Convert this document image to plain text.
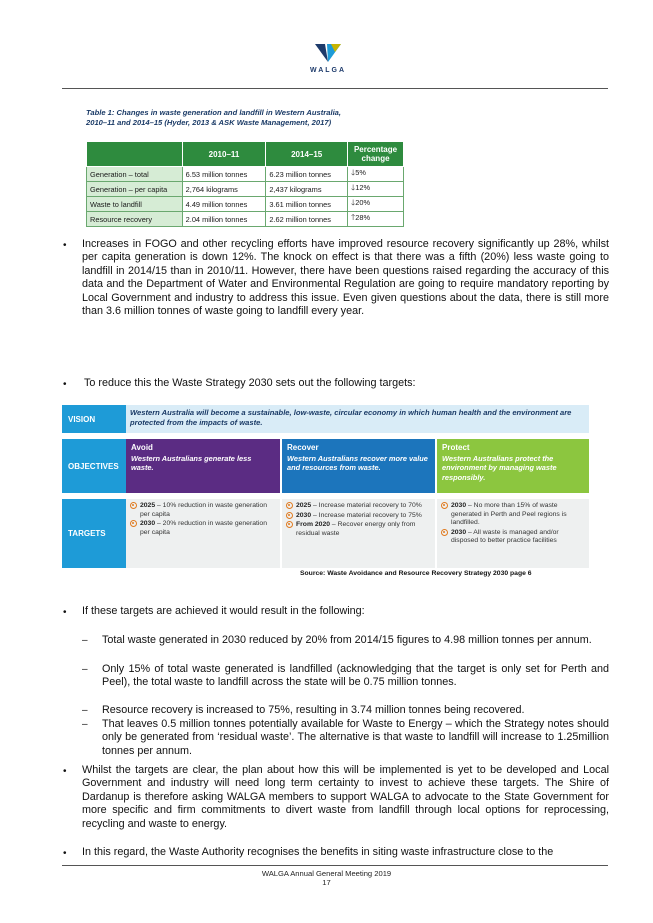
WALGA
Table 1: Changes in waste generation and landfill in Western Australia,
2010–11 and 2014–15 (Hyder, 2013 & ASK Waste Management, 2017)
	2010–11	2014–15	Percentage change
Generation – total	6.53 million tonnes	6.23 million tonnes	🡓5%
Generation – per capita	2,764 kilograms	2,437 kilograms	🡓12%
Waste to landfill	4.49 million tonnes	3.61 million tonnes	🡓20%
Resource recovery	2.04 million tonnes	2.62 million tonnes	🡑28%
• Increases in FOGO and other recycling efforts have improved resource recovery significantly up 28%, whilst per capita generation is down 12%. The knock on effect is that there was a fifth (20%) less waste going to landfill in 2014/15 than in 2010/11. However, there have been questions raised regarding the accuracy of this data and the Department of Water and Environmental Regulation are going to require mandatory reporting by Local Government and industry to address this issue. Even given questions about the data, there is still more than 3.6 million tonnes of waste going to landfill every year.
• To reduce this the Waste Strategy 2030 sets out the following targets:
VISION
Western Australia will become a sustainable, low-waste, circular economy in which human health and the environment are protected from the impacts of waste.
OBJECTIVES
Avoid
Western Australians generate less waste.
Recover
Western Australians recover more value and resources from waste.
Protect
Western Australians protect the environment by managing waste responsibly.
TARGETS
2025 – 10% reduction in waste generation per capita
2030 – 20% reduction in waste generation per capita
2025 – Increase material recovery to 70%
2030 – Increase material recovery to 75%
From 2020 – Recover energy only from residual waste
2030 – No more than 15% of waste generated in Perth and Peel regions is landfilled.
2030 – All waste is managed and/or disposed to better practice facilities
Source: Waste Avoidance and Resource Recovery Strategy 2030 page 6
• If these targets are achieved it would result in the following:
– Total waste generated in 2030 reduced by 20% from 2014/15 figures to 4.98 million tonnes per annum.
– Only 15% of total waste generated is landfilled (acknowledging that the target is only set for Perth and Peel), the total waste to landfill across the state will be 0.75 million tonnes.
– Resource recovery is increased to 75%, resulting in 3.74 million tonnes being recovered.
– That leaves 0.5 million tonnes potentially available for Waste to Energy – which the Strategy notes should only be generated from ‘residual waste’. The alternative is that waste to landfill will increase to 1.25million tonnes per annum.
• Whilst the targets are clear, the plan about how this will be implemented is yet to be developed and Local Government and industry will need long term certainty to invest to achieve these targets. The Shire of Dardanup is therefore asking WALGA members to support WALGA to advocate to the State Government for more specific and firm commitments to divert waste from landfill through local options for reprocessing, recycling and waste to energy.
• In this regard, the Waste Authority recognises the benefits in siting waste infrastructure close to the
WALGA Annual General Meeting 2019
17
